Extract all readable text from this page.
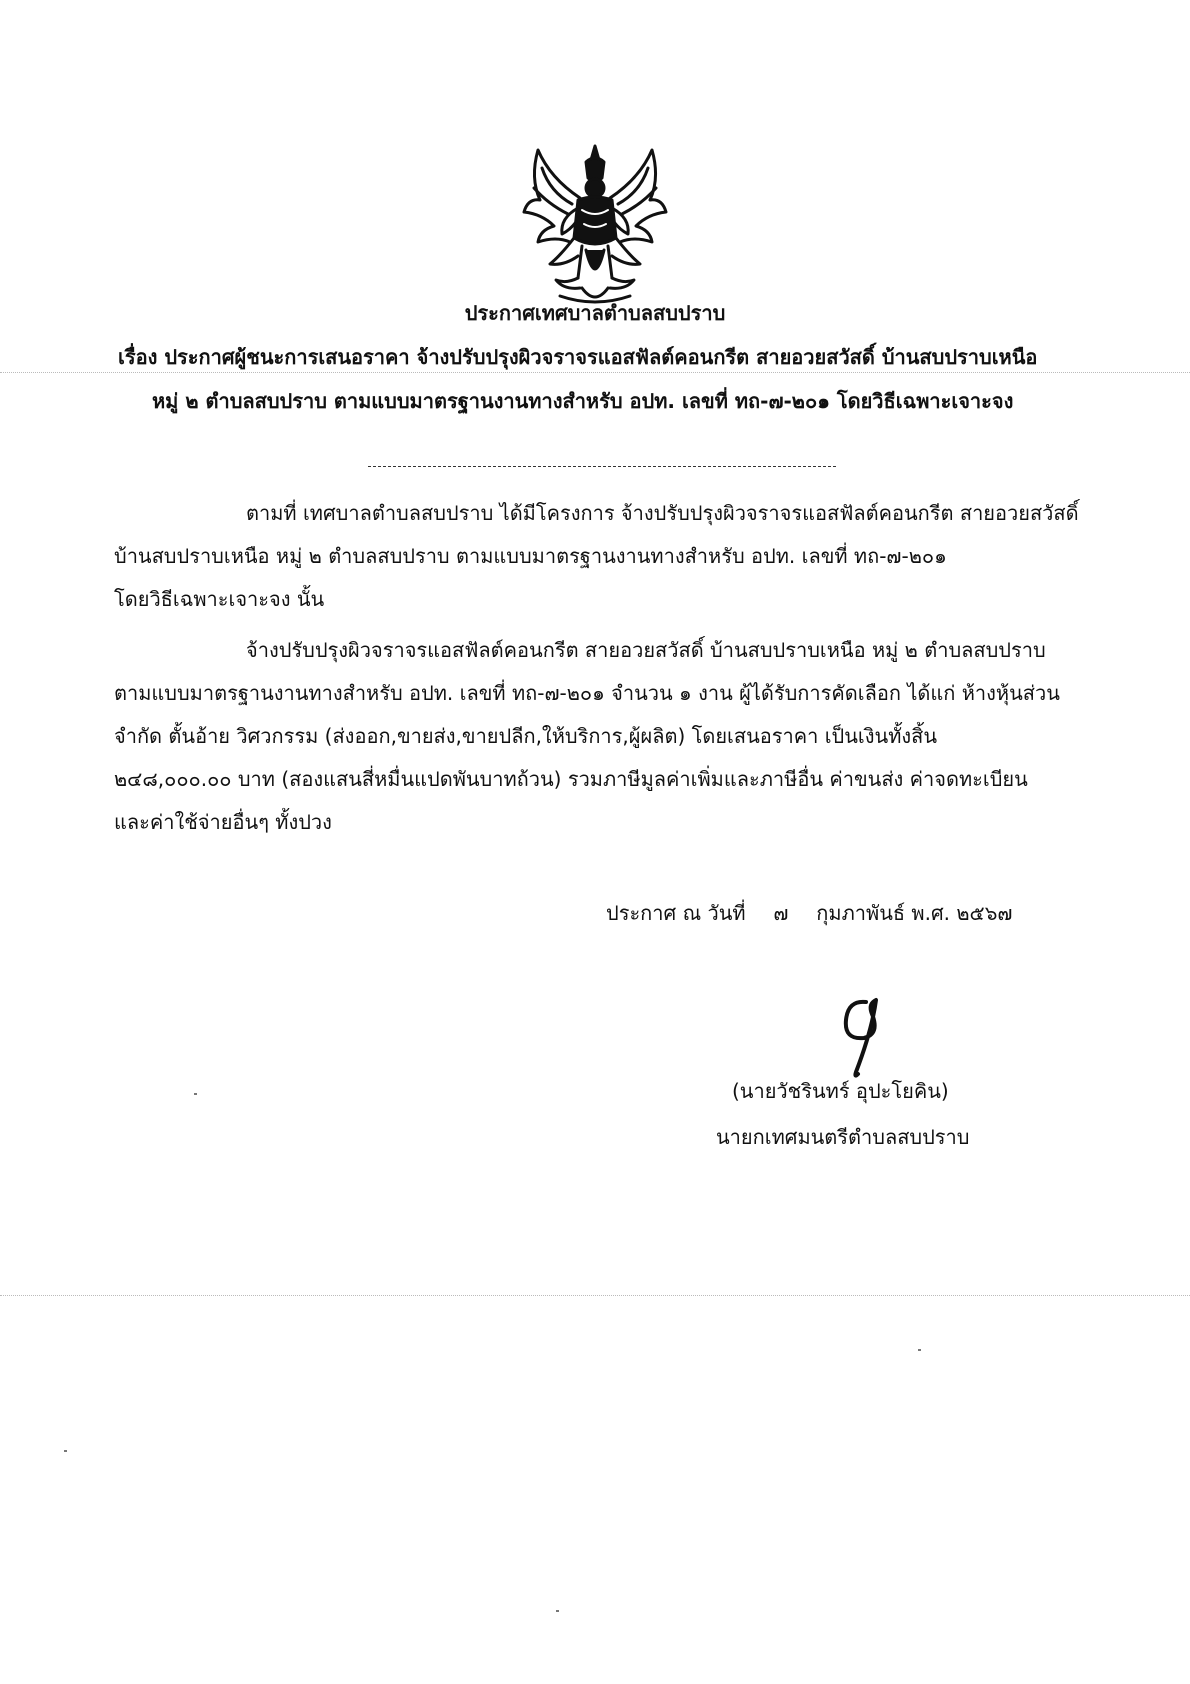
ประกาศเทศบาลตำบลสบปราบ
เรื่อง ประกาศผู้ชนะการเสนอราคา จ้างปรับปรุงผิวจราจรแอสฟัลต์คอนกรีต สายอวยสวัสดิ์ บ้านสบปราบเหนือ
หมู่ ๒ ตำบลสบปราบ ตามแบบมาตรฐานงานทางสำหรับ อปท. เลขที่ ทถ-๗-๒๐๑ โดยวิธีเฉพาะเจาะจง
ตามที่ เทศบาลตำบลสบปราบ ได้มีโครงการ จ้างปรับปรุงผิวจราจรแอสฟัลต์คอนกรีต สายอวยสวัสดิ์
บ้านสบปราบเหนือ หมู่ ๒ ตำบลสบปราบ ตามแบบมาตรฐานงานทางสำหรับ อปท. เลขที่ ทถ-๗-๒๐๑
โดยวิธีเฉพาะเจาะจง นั้น
จ้างปรับปรุงผิวจราจรแอสฟัลต์คอนกรีต สายอวยสวัสดิ์ บ้านสบปราบเหนือ หมู่ ๒ ตำบลสบปราบ
ตามแบบมาตรฐานงานทางสำหรับ อปท. เลขที่ ทถ-๗-๒๐๑ จำนวน ๑ งาน ผู้ได้รับการคัดเลือก ได้แก่ ห้างหุ้นส่วน
จำกัด ตั้นอ้าย วิศวกรรม (ส่งออก,ขายส่ง,ขายปลีก,ให้บริการ,ผู้ผลิต) โดยเสนอราคา เป็นเงินทั้งสิ้น
๒๔๘,๐๐๐.๐๐ บาท (สองแสนสี่หมื่นแปดพันบาทถ้วน) รวมภาษีมูลค่าเพิ่มและภาษีอื่น ค่าขนส่ง ค่าจดทะเบียน
และค่าใช้จ่ายอื่นๆ ทั้งปวง
ประกาศ ณ วันที่ ๗ กุมภาพันธ์ พ.ศ. ๒๕๖๗
(นายวัชรินทร์ อุปะโยคิน)
นายกเทศมนตรีตำบลสบปราบ
